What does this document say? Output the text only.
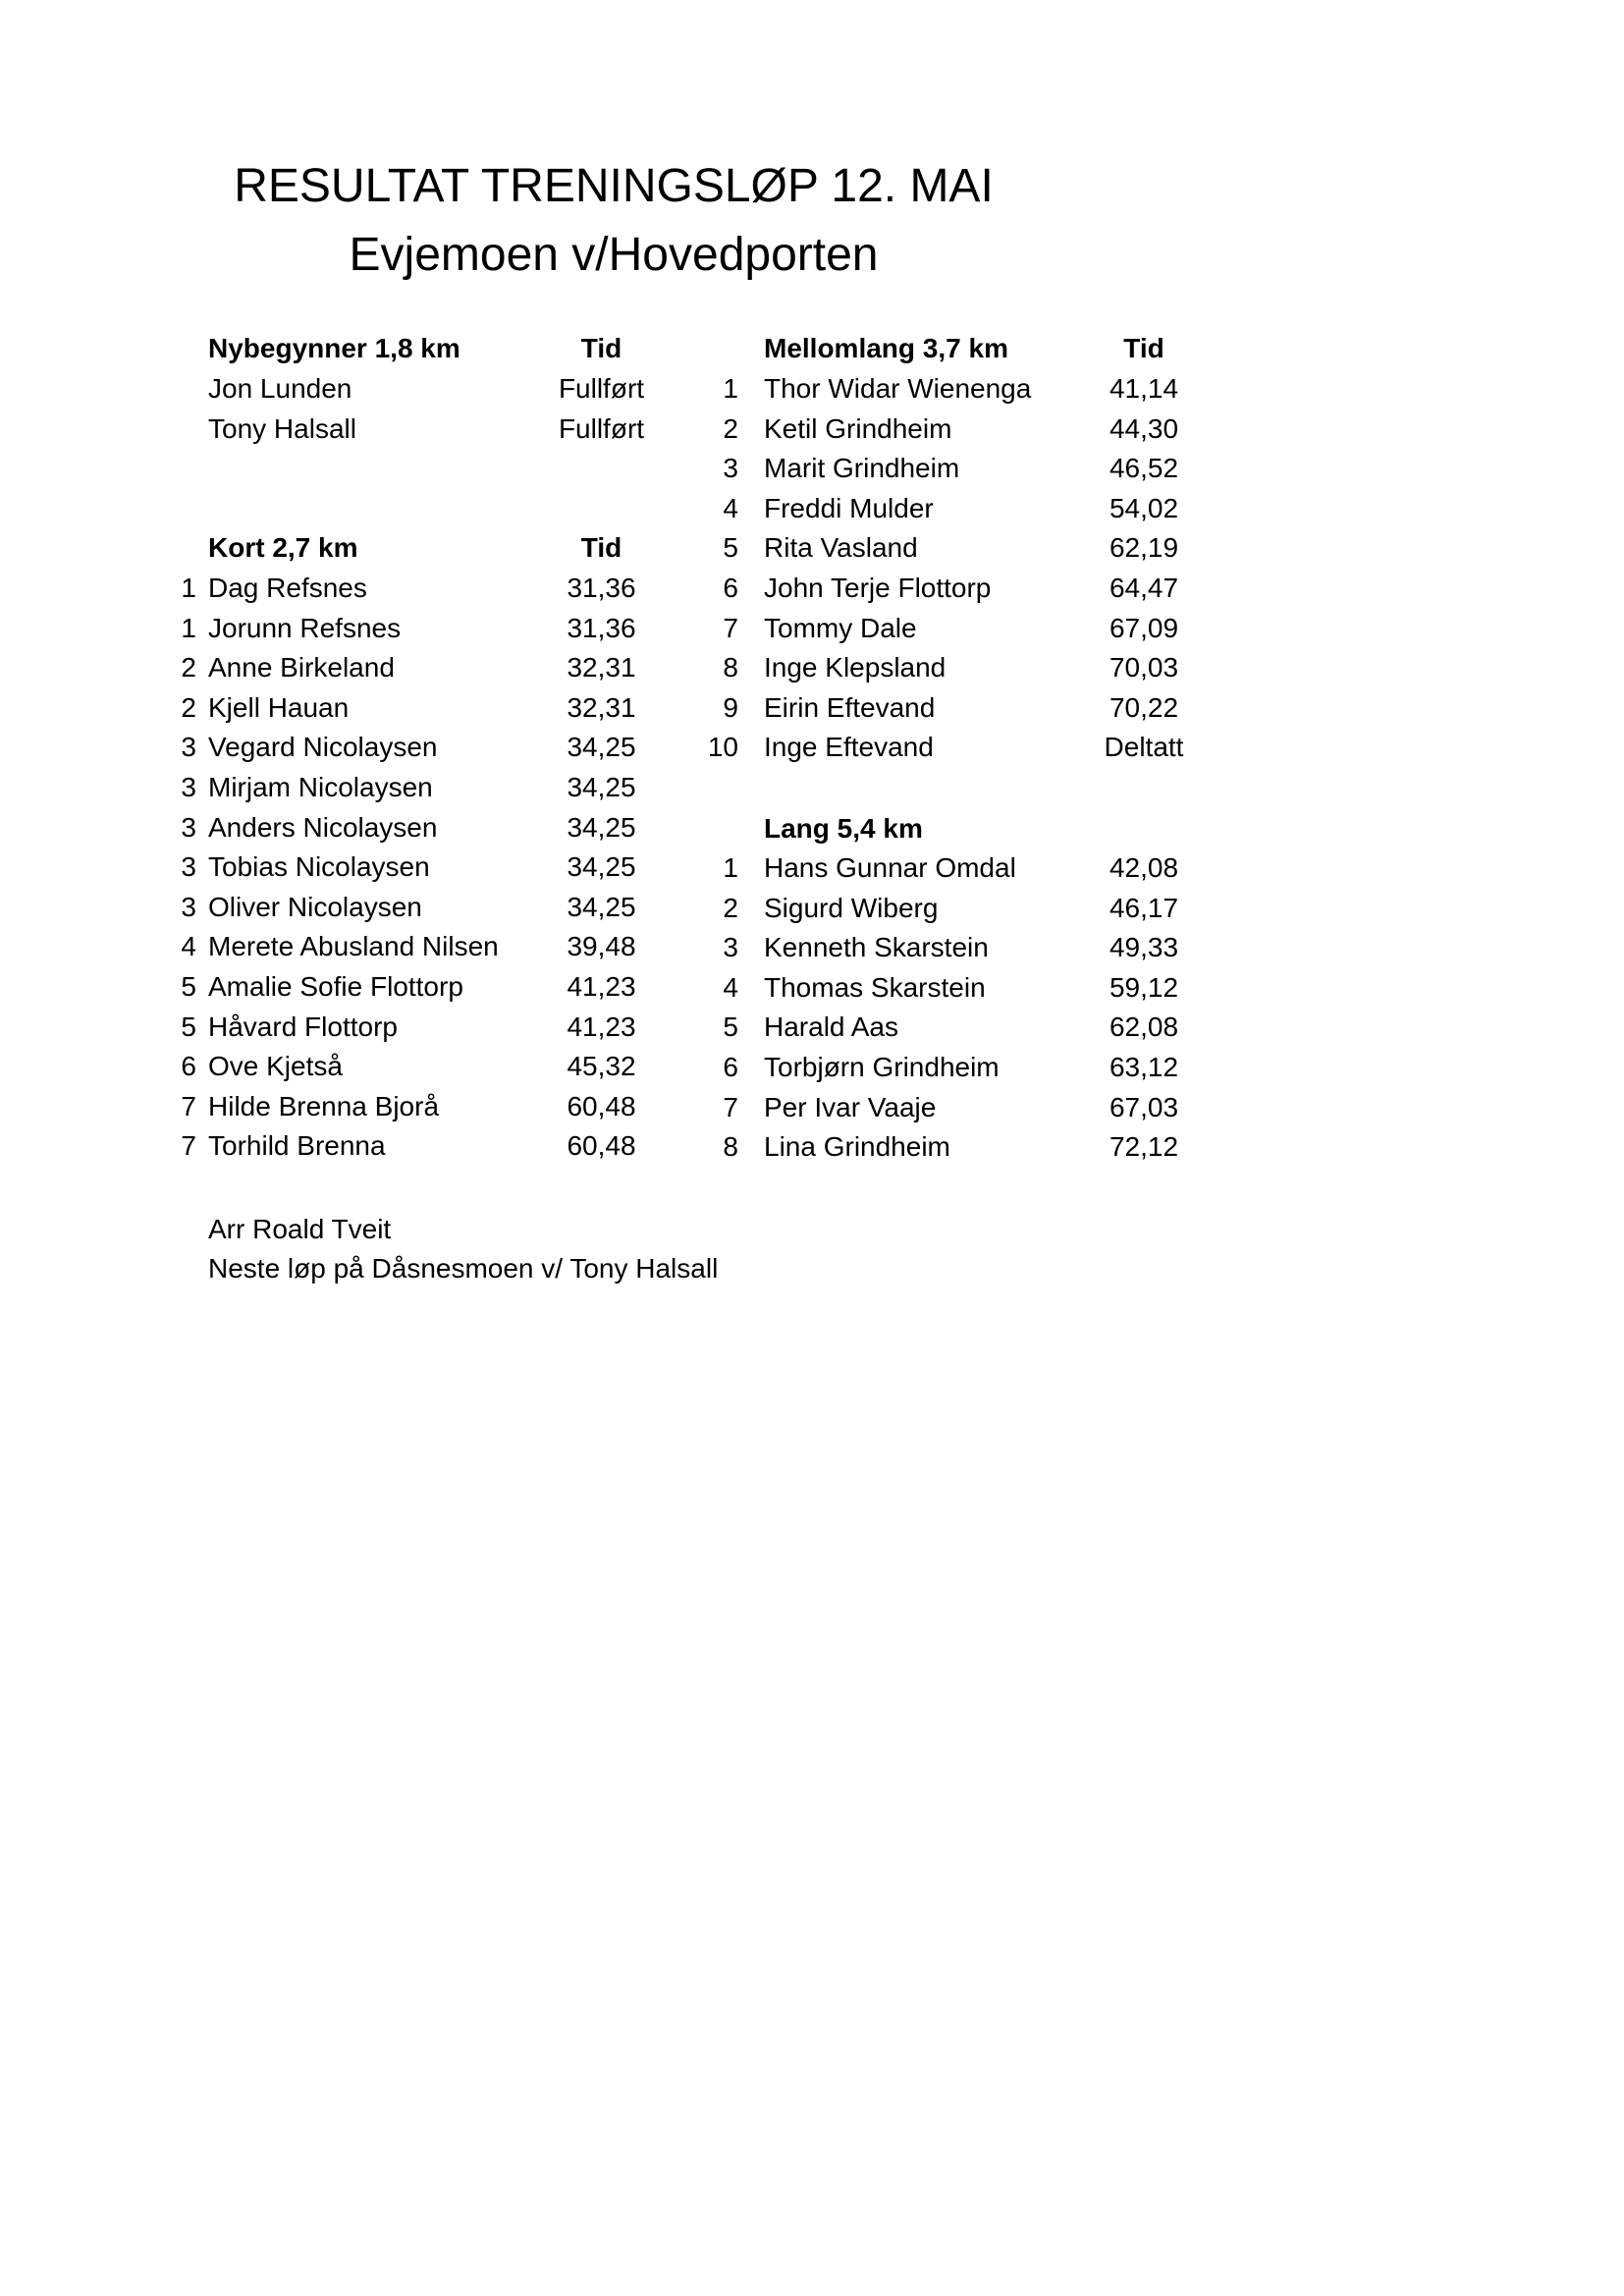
RESULTAT TRENINGSLØP 12. MAI
Evjemoen v/Hovedporten
Nybegynner 1,8 km	Tid
Jon Lunden	Fullført
Tony Halsall	Fullført
Kort 2,7 km	Tid
1 Dag Refsnes	31,36
1 Jorunn Refsnes	31,36
2 Anne Birkeland	32,31
2 Kjell Hauan	32,31
3 Vegard Nicolaysen	34,25
3 Mirjam Nicolaysen	34,25
3 Anders Nicolaysen	34,25
3 Tobias Nicolaysen	34,25
3 Oliver Nicolaysen	34,25
4 Merete Abusland Nilsen	39,48
5 Amalie Sofie Flottorp	41,23
5 Håvard Flottorp	41,23
6 Ove Kjetså	45,32
7 Hilde Brenna Bjorå	60,48
7 Torhild Brenna	60,48
Mellomlang 3,7 km	Tid
1 Thor Widar Wienenga	41,14
2 Ketil Grindheim	44,30
3 Marit Grindheim	46,52
4 Freddi Mulder	54,02
5 Rita Vasland	62,19
6 John Terje Flottorp	64,47
7 Tommy Dale	67,09
8 Inge Klepsland	70,03
9 Eirin Eftevand	70,22
10 Inge Eftevand	Deltatt
Lang 5,4 km
1 Hans Gunnar Omdal	42,08
2 Sigurd Wiberg	46,17
3 Kenneth Skarstein	49,33
4 Thomas Skarstein	59,12
5 Harald Aas	62,08
6 Torbjørn Grindheim	63,12
7 Per Ivar Vaaje	67,03
8 Lina Grindheim	72,12
Arr Roald Tveit
Neste løp på Dåsnesmoen v/ Tony Halsall
